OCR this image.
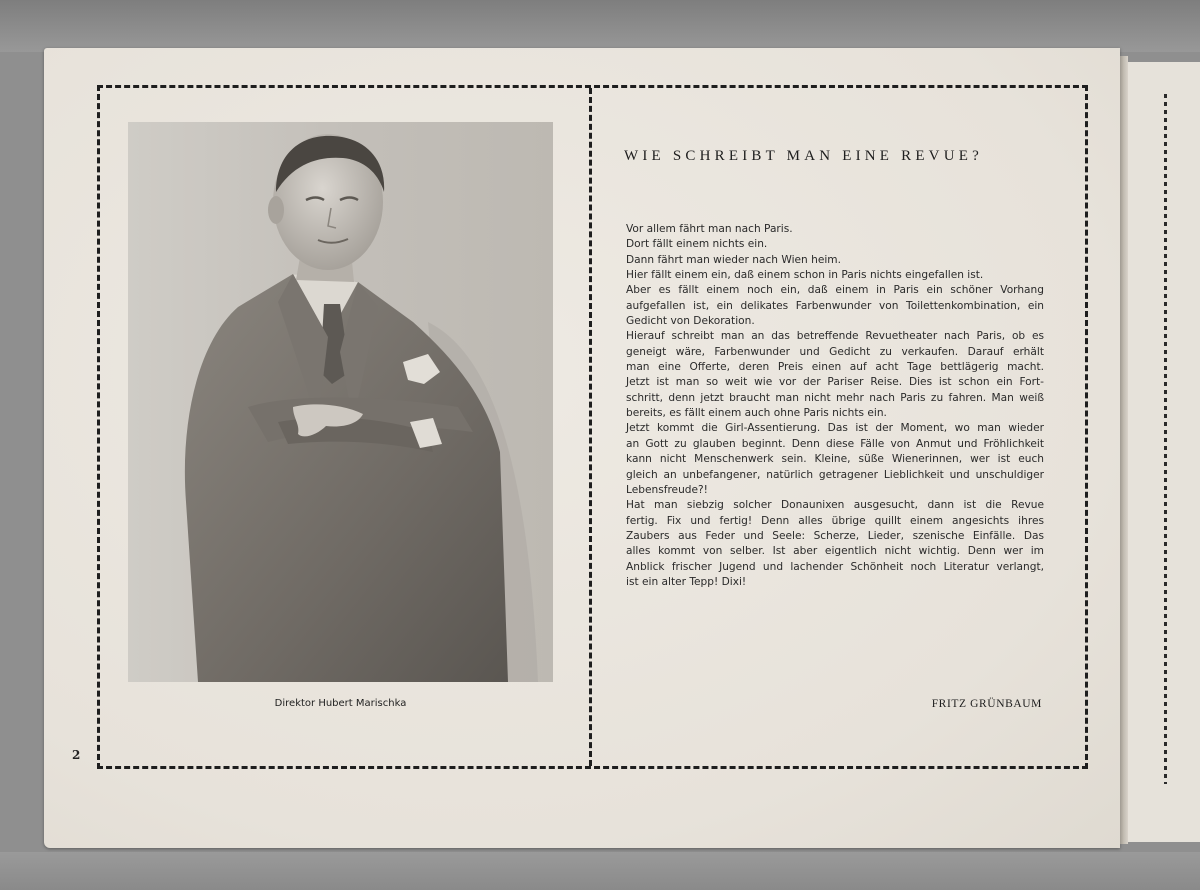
Direktor Hubert Marischka
2
WIE SCHREIBT MAN EINE REVUE?
Vor allem fährt man nach Paris.
Dort fällt einem nichts ein.
Dann fährt man wieder nach Wien heim.
Hier fällt einem ein, daß einem schon in Paris nichts eingefallen ist.
Aber es fällt einem noch ein, daß einem in Paris ein schöner Vorhang
aufgefallen ist, ein delikates Farbenwunder von Toilettenkombination, ein
Gedicht von Dekoration.
Hierauf schreibt man an das betreffende Revuetheater nach Paris, ob es
geneigt wäre, Farbenwunder und Gedicht zu verkaufen. Darauf erhält
man eine Offerte, deren Preis einen auf acht Tage bettlägerig macht.
Jetzt ist man so weit wie vor der Pariser Reise. Dies ist schon ein Fort-
schritt, denn jetzt braucht man nicht mehr nach Paris zu fahren. Man weiß
bereits, es fällt einem auch ohne Paris nichts ein.
Jetzt kommt die Girl-Assentierung. Das ist der Moment, wo man wieder
an Gott zu glauben beginnt. Denn diese Fälle von Anmut und Fröhlichkeit
kann nicht Menschenwerk sein. Kleine, süße Wienerinnen, wer ist euch
gleich an unbefangener, natürlich getragener Lieblichkeit und unschuldiger
Lebensfreude?!
Hat man siebzig solcher Donaunixen ausgesucht, dann ist die Revue
fertig. Fix und fertig! Denn alles übrige quillt einem angesichts ihres
Zaubers aus Feder und Seele: Scherze, Lieder, szenische Einfälle. Das
alles kommt von selber. Ist aber eigentlich nicht wichtig. Denn wer im
Anblick frischer Jugend und lachender Schönheit noch Literatur verlangt,
ist ein alter Tepp! Dixi!
FRITZ GRÜNBAUM
